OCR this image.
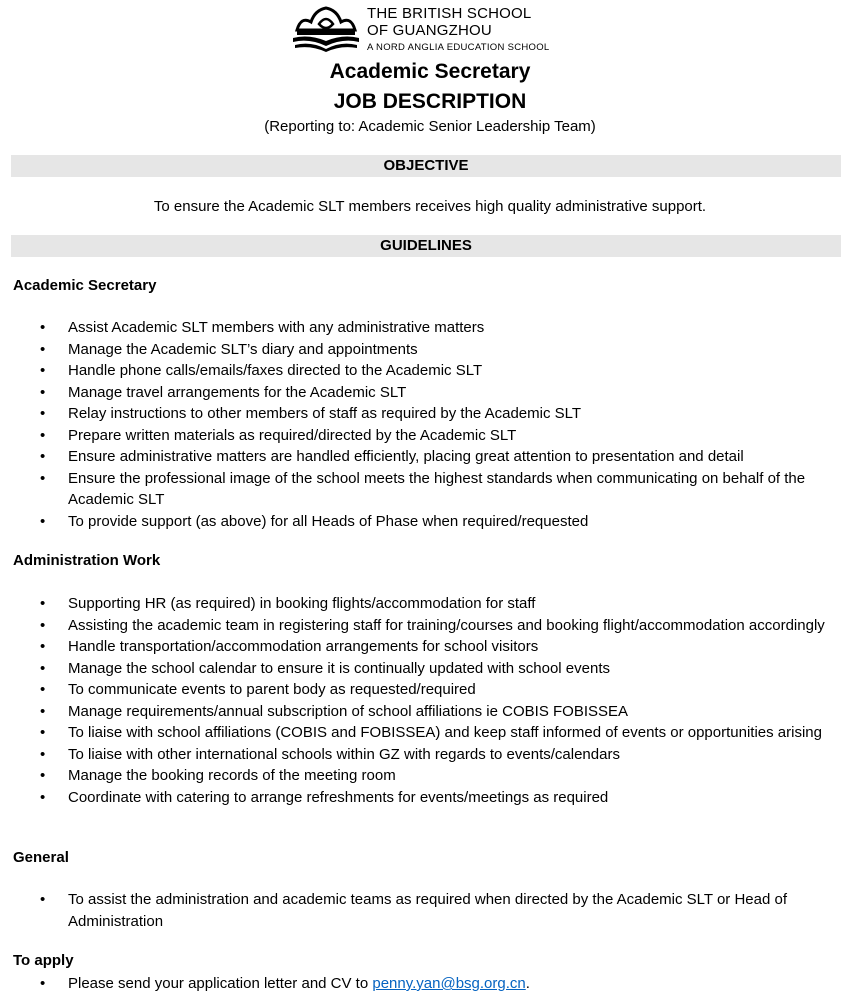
THE BRITISH SCHOOL
OF GUANGZHOU
A NORD ANGLIA EDUCATION SCHOOL
Academic Secretary
JOB DESCRIPTION
(Reporting to: Academic Senior Leadership Team)
OBJECTIVE
To ensure the Academic SLT members receives high quality administrative support.
GUIDELINES
Academic Secretary
• Assist Academic SLT members with any administrative matters
• Manage the Academic SLT’s diary and appointments
• Handle phone calls/emails/faxes directed to the Academic SLT
• Manage travel arrangements for the Academic SLT
• Relay instructions to other members of staff as required by the Academic SLT
• Prepare written materials as required/directed by the Academic SLT
• Ensure administrative matters are handled efficiently, placing great attention to presentation and detail
• Ensure the professional image of the school meets the highest standards when communicating on behalf of the Academic SLT
• To provide support (as above) for all Heads of Phase when required/requested
Administration Work
• Supporting HR (as required) in booking flights/accommodation for staff
• Assisting the academic team in registering staff for training/courses and booking flight/accommodation accordingly
• Handle transportation/accommodation arrangements for school visitors
• Manage the school calendar to ensure it is continually updated with school events
• To communicate events to parent body as requested/required
• Manage requirements/annual subscription of school affiliations ie COBIS FOBISSEA
• To liaise with school affiliations (COBIS and FOBISSEA) and keep staff informed of events or opportunities arising
• To liaise with other international schools within GZ with regards to events/calendars
• Manage the booking records of the meeting room
• Coordinate with catering to arrange refreshments for events/meetings as required
General
• To assist the administration and academic teams as required when directed by the Academic SLT or Head of Administration
To apply
• Please send your application letter and CV to penny.yan@bsg.org.cn.
